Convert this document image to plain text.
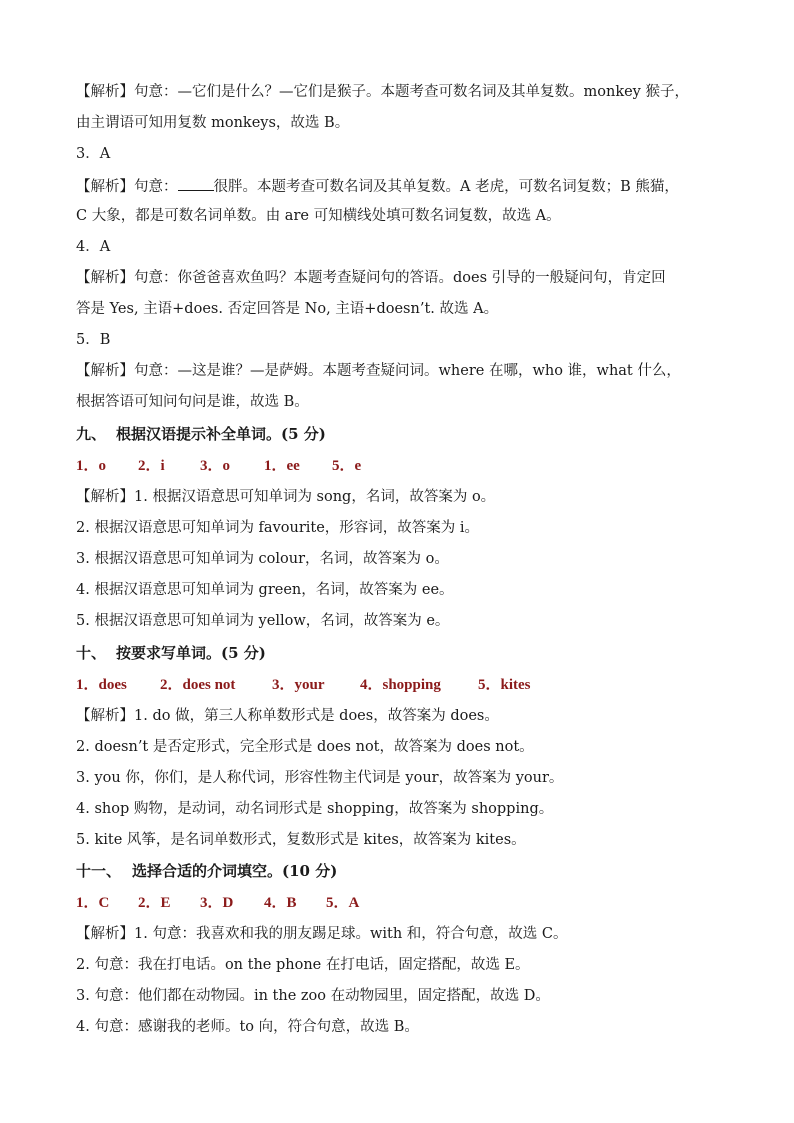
【解析】句意：—它们是什么？—它们是猴子。本题考查可数名词及其单复数。monkey 猴子，
由主谓语可知用复数 monkeys，故选 B。
3．A
【解析】句意： 很胖。本题考查可数名词及其单复数。A 老虎，可数名词复数；B 熊猫，
C 大象，都是可数名词单数。由 are 可知横线处填可数名词复数，故选 A。
4．A
【解析】句意：你爸爸喜欢鱼吗？本题考查疑问句的答语。does 引导的一般疑问句，肯定回
答是 Yes, 主语+does. 否定回答是 No, 主语+doesn’t. 故选 A。
5．B
【解析】句意：—这是谁？—是萨姆。本题考查疑问词。where 在哪，who 谁，what 什么，
根据答语可知问句问是谁，故选 B。
九、 根据汉语提示补全单词。(5 分)
1．o 2．i 3．o 1．ee 5．e
【解析】1. 根据汉语意思可知单词为 song，名词，故答案为 o。
2. 根据汉语意思可知单词为 favourite，形容词，故答案为 i。
3. 根据汉语意思可知单词为 colour，名词，故答案为 o。
4. 根据汉语意思可知单词为 green，名词，故答案为 ee。
5. 根据汉语意思可知单词为 yellow，名词，故答案为 e。
十、 按要求写单词。(5 分)
1．does 2．does not 3．your 4．shopping 5．kites
【解析】1. do 做，第三人称单数形式是 does，故答案为 does。
2. doesn’t 是否定形式，完全形式是 does not，故答案为 does not。
3. you 你，你们，是人称代词，形容性物主代词是 your，故答案为 your。
4. shop 购物，是动词，动名词形式是 shopping，故答案为 shopping。
5. kite 风筝，是名词单数形式，复数形式是 kites，故答案为 kites。
十一、 选择合适的介词填空。(10 分)
1．C 2．E 3．D 4．B 5．A
【解析】1. 句意：我喜欢和我的朋友踢足球。with 和，符合句意，故选 C。
2. 句意：我在打电话。on the phone 在打电话，固定搭配，故选 E。
3. 句意：他们都在动物园。in the zoo 在动物园里，固定搭配，故选 D。
4. 句意：感谢我的老师。to 向，符合句意，故选 B。
